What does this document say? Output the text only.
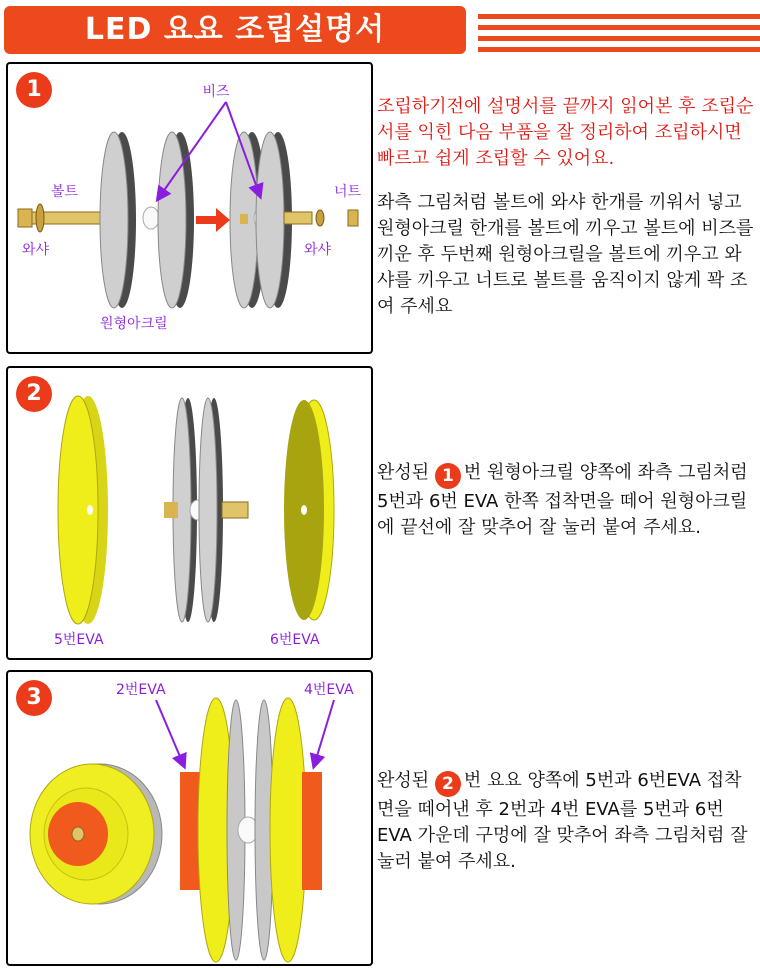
LED 요요 조립설명서
1	비즈
볼트
와샤
너트
와샤
원형아크릴

조립하기전에 설명서를 끝까지 읽어본 후 조립순서를 익힌 다음 부품을 잘 정리하여 조립하시면 빠르고 쉽게 조립할 수 있어요.

좌측 그림처럼 볼트에 와샤 한개를 끼워서 넣고 원형아크릴 한개를 볼트에 끼우고 볼트에 비즈를 끼운 후 두번째 원형아크릴을 볼트에 끼우고 와샤를 끼우고 너트로 볼트를 움직이지 않게 꽉 조여 주세요

2
5번EVA	6번EVA
완성된 1 번 원형아크릴 양쪽에 좌측 그림처럼 5번과 6번 EVA 한쪽 접착면을 떼어 원형아크릴에 끝선에 잘 맞추어 잘 눌러 붙여 주세요.
3	2번EVA	4번EVA
완성된 2 번 요요 양쪽에 5번과 6번EVA 접착면을 떼어낸 후 2번과 4번 EVA를 5번과 6번 EVA 가운데 구멍에 잘 맞추어 좌측 그림처럼 잘 눌러 붙여 주세요.
